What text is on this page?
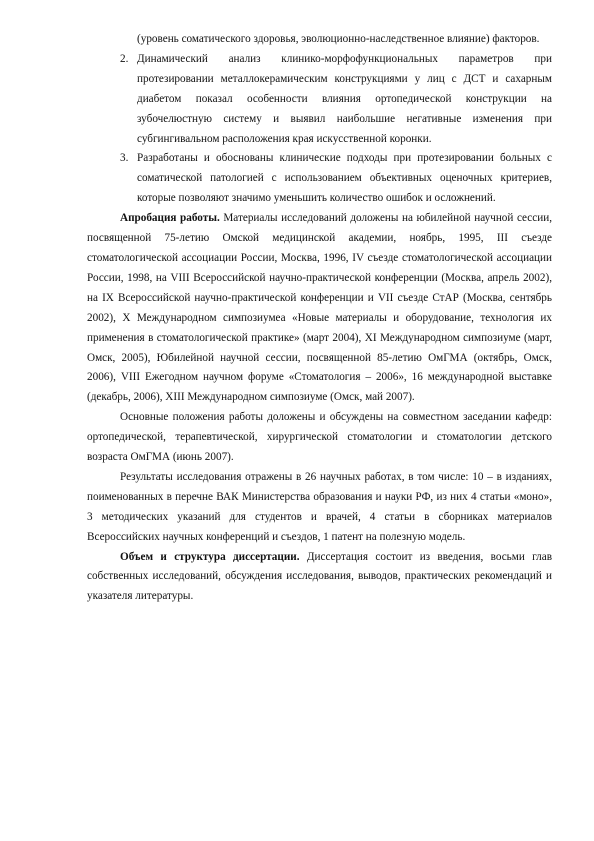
(уровень соматического здоровья, эволюционно-наследственное влияние) факторов.
2. Динамический анализ клинико-морфофункциональных параметров при протезировании металлокерамическим конструкциями у лиц с ДСТ и сахарным диабетом показал особенности влияния ортопедической конструкции на зубочелюстную систему и выявил наибольшие негативные изменения при субгингивальном расположения края искусственной коронки.
3. Разработаны и обоснованы клинические подходы при протезировании больных с соматической патологией с использованием объективных оценочных критериев, которые позволяют значимо уменьшить количество ошибок и осложнений.

Апробация работы. Материалы исследований доложены на юбилейной научной сессии, посвященной 75-летию Омской медицинской академии, ноябрь, 1995, III съезде стоматологической ассоциации России, Москва, 1996, IV съезде стоматологической ассоциации России, 1998, на VIII Всероссийской научно-практической конференции (Москва, апрель 2002), на IX Всероссийской научно-практической конференции и VII съезде СтАР (Москва, сентябрь 2002), X Международном симпозиумеа «Новые материалы и оборудование, технология их применения в стоматологической практике» (март 2004), XI Международном симпозиуме (март, Омск, 2005), Юбилейной научной сессии, посвященной 85-летию ОмГМА (октябрь, Омск, 2006), VIII Ежегодном научном форуме «Стоматология – 2006», 16 международной выставке (декабрь, 2006), XIII Международном симпозиуме (Омск, май 2007).

Основные положения работы доложены и обсуждены на совместном заседании кафедр: ортопедической, терапевтической, хирургической стоматологии и стоматологии детского возраста ОмГМА (июнь 2007).

Результаты исследования отражены в 26 научных работах, в том числе: 10 – в изданиях, поименованных в перечне ВАК Министерства образования и науки РФ, из них 4 статьи «моно», 3 методических указаний для студентов и врачей, 4 статьи в сборниках материалов Всероссийских научных конференций и съездов, 1 патент на полезную модель.

Объем и структура диссертации. Диссертация состоит из введения, восьми глав собственных исследований, обсуждения исследования, выводов, практических рекомендаций и указателя литературы.
